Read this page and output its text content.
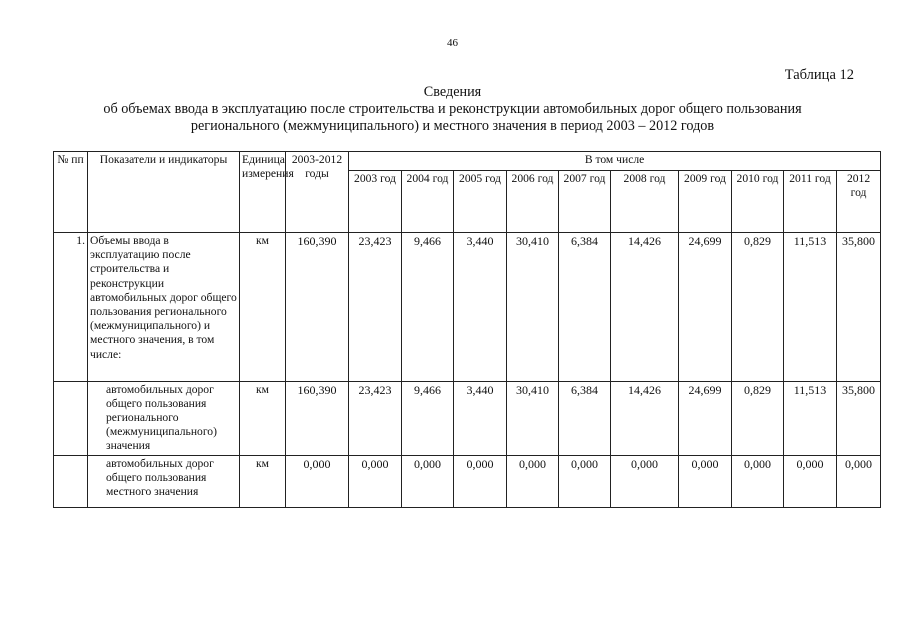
46
Таблица 12
Сведения
об объемах ввода в эксплуатацию после строительства и реконструкции автомобильных дорог общего пользования
регионального (межмуниципального) и местного значения в период 2003 – 2012 годов
№ пп	Показатели и индикаторы	Единица измерения	2003-2012 годы	В том числе									
				2003 год	2004 год	2005 год	2006 год	2007 год	2008 год	2009 год	2010 год	2011 год	2012 год
1.	Объемы ввода в эксплуатацию после строительства и реконструкции автомобильных дорог общего пользования регионального (межмуниципального) и местного значения, в том числе:	км	160,390	23,423	9,466	3,440	30,410	6,384	14,426	24,699	0,829	11,513	35,800
	автомобильных дорог общего пользования регионального (межмуниципального) значения	км	160,390	23,423	9,466	3,440	30,410	6,384	14,426	24,699	0,829	11,513	35,800
	автомобильных дорог общего пользования местного значения	км	0,000	0,000	0,000	0,000	0,000	0,000	0,000	0,000	0,000	0,000	0,000
